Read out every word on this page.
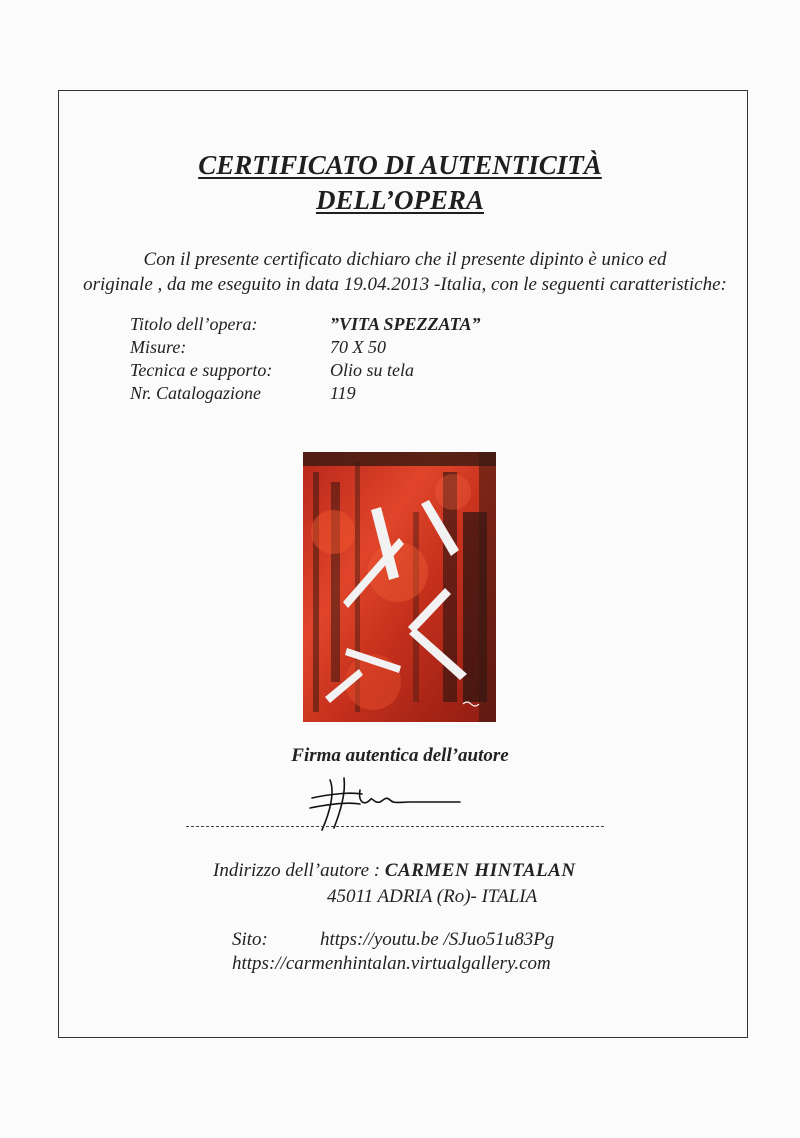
CERTIFICATO DI AUTENTICITÀ
DELL’OPERA
Con il presente certificato dichiaro che il presente dipinto è unico ed
originale , da me eseguito in data 19.04.2013 -Italia, con le seguenti caratteristiche:
Titolo dell’opera:	”VITA SPEZZATA”
Misure:	70 X 50
Tecnica e supporto:	Olio su tela
Nr. Catalogazione	119
Firma autentica dell’autore
Indirizzo dell’autore : CARMEN HINTALAN
45011 ADRIA (Ro)- ITALIA
Sito:	https://youtu.be /SJuo51u83Pg
https://carmenhintalan.virtualgallery.com
